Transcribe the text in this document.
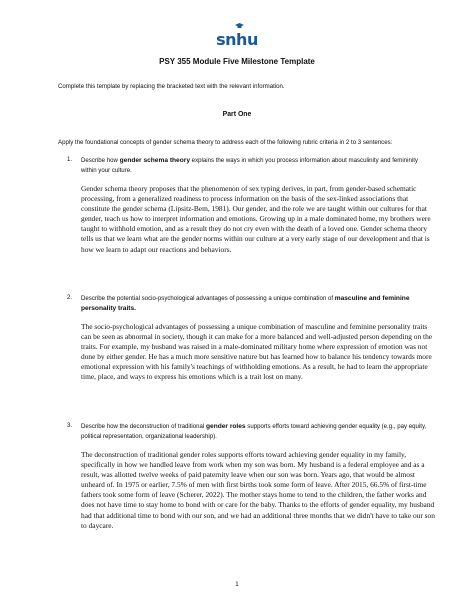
snhu
PSY 355 Module Five Milestone Template
Complete this template by replacing the bracketed text with the relevant information.
Part One
Apply the foundational concepts of gender schema theory to address each of the following rubric criteria in 2 to 3 sentences:
1. Describe how gender schema theory explains the ways in which you process information about masculinity and femininity within your culture.
Gender schema theory proposes that the phenomenon of sex typing derives, in part, from gender-based schematic processing, from a generalized readiness to process information on the basis of the sex-linked associations that constitute the gender schema (Lipsitz-Bem, 1981). Our gender, and the role we are taught within our cultures for that gender, teach us how to interpret information and emotions. Growing up in a male dominated home, my brothers were taught to withhold emotion, and as a result they do not cry even with the death of a loved one. Gender schema theory tells us that we learn what are the gender norms within our culture at a very early stage of our development and that is how we learn to adapt our reactions and behaviors.
2. Describe the potential socio-psychological advantages of possessing a unique combination of masculine and feminine personality traits.
The socio-psychological advantages of possessing a unique combination of masculine and feminine personality traits can be seen as abnormal in society, though it can make for a more balanced and well-adjusted person depending on the traits. For example, my husband was raised in a male-dominated military home where expression of emotion was not done by either gender. He has a much more sensitive nature but has learned how to balance his tendency towards more emotional expression with his family's teachings of withholding emotions. As a result, he had to learn the appropriate time, place, and ways to express his emotions which is a trait lost on many.
3. Describe how the deconstruction of traditional gender roles supports efforts toward achieving gender equality (e.g., pay equity, political representation, organizational leadership).
The deconstruction of traditional gender roles supports efforts toward achieving gender equality in my family, specifically in how we handled leave from work when my son was born. My husband is a federal employee and as a result, was allotted twelve weeks of paid paternity leave when our son was born. Years ago, that would be almost unheard of. In 1975 or earlier, 7.5% of men with first births took some form of leave. After 2015, 66.5% of first-time fathers took some form of leave (Scherer, 2022). The mother stays home to tend to the children, the father works and does not have time to stay home to bond with or care for the baby. Thanks to the efforts of gender equality, my husband had that additional time to bond with our son, and we had an additional three months that we didn't have to take our son to daycare.
1
